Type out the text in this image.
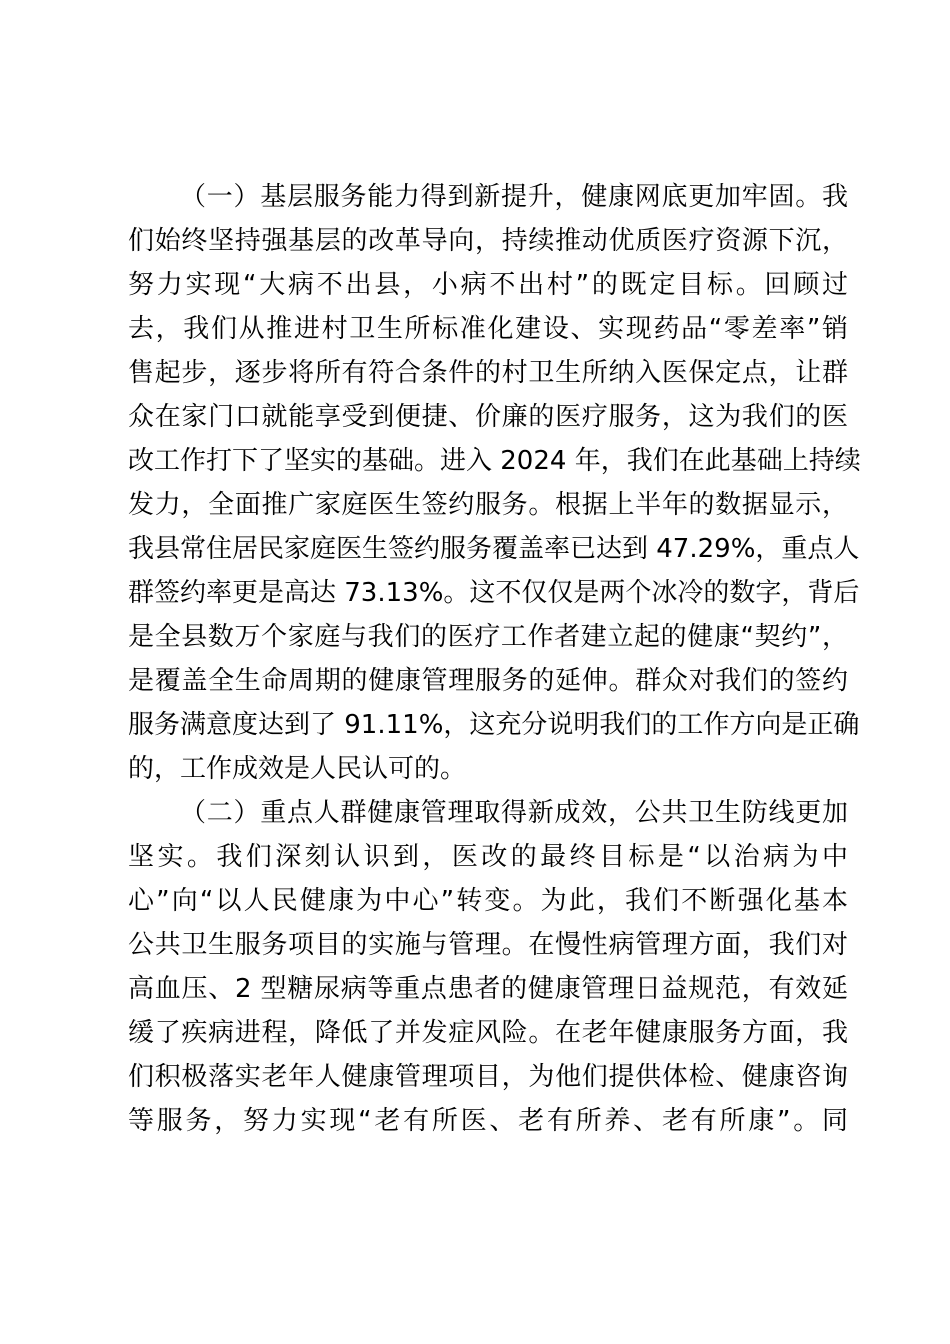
（一）基层服务能力得到新提升，健康网底更加牢固。我
们始终坚持强基层的改革导向，持续推动优质医疗资源下沉，
努力实现“大病不出县，小病不出村”的既定目标。回顾过
去，我们从推进村卫生所标准化建设、实现药品“零差率”销
售起步，逐步将所有符合条件的村卫生所纳入医保定点，让群
众在家门口就能享受到便捷、价廉的医疗服务，这为我们的医
改工作打下了坚实的基础。进入 2024 年，我们在此基础上持续
发力，全面推广家庭医生签约服务。根据上半年的数据显示，
我县常住居民家庭医生签约服务覆盖率已达到 47.29%，重点人
群签约率更是高达 73.13%。这不仅仅是两个冰冷的数字，背后
是全县数万个家庭与我们的医疗工作者建立起的健康“契约”，
是覆盖全生命周期的健康管理服务的延伸。群众对我们的签约
服务满意度达到了 91.11%，这充分说明我们的工作方向是正确
的，工作成效是人民认可的。
（二）重点人群健康管理取得新成效，公共卫生防线更加
坚实。我们深刻认识到，医改的最终目标是“以治病为中
心”向“以人民健康为中心”转变。为此，我们不断强化基本
公共卫生服务项目的实施与管理。在慢性病管理方面，我们对
高血压、2 型糖尿病等重点患者的健康管理日益规范，有效延
缓了疾病进程，降低了并发症风险。在老年健康服务方面，我
们积极落实老年人健康管理项目，为他们提供体检、健康咨询
等服务，努力实现“老有所医、老有所养、老有所康”。同
